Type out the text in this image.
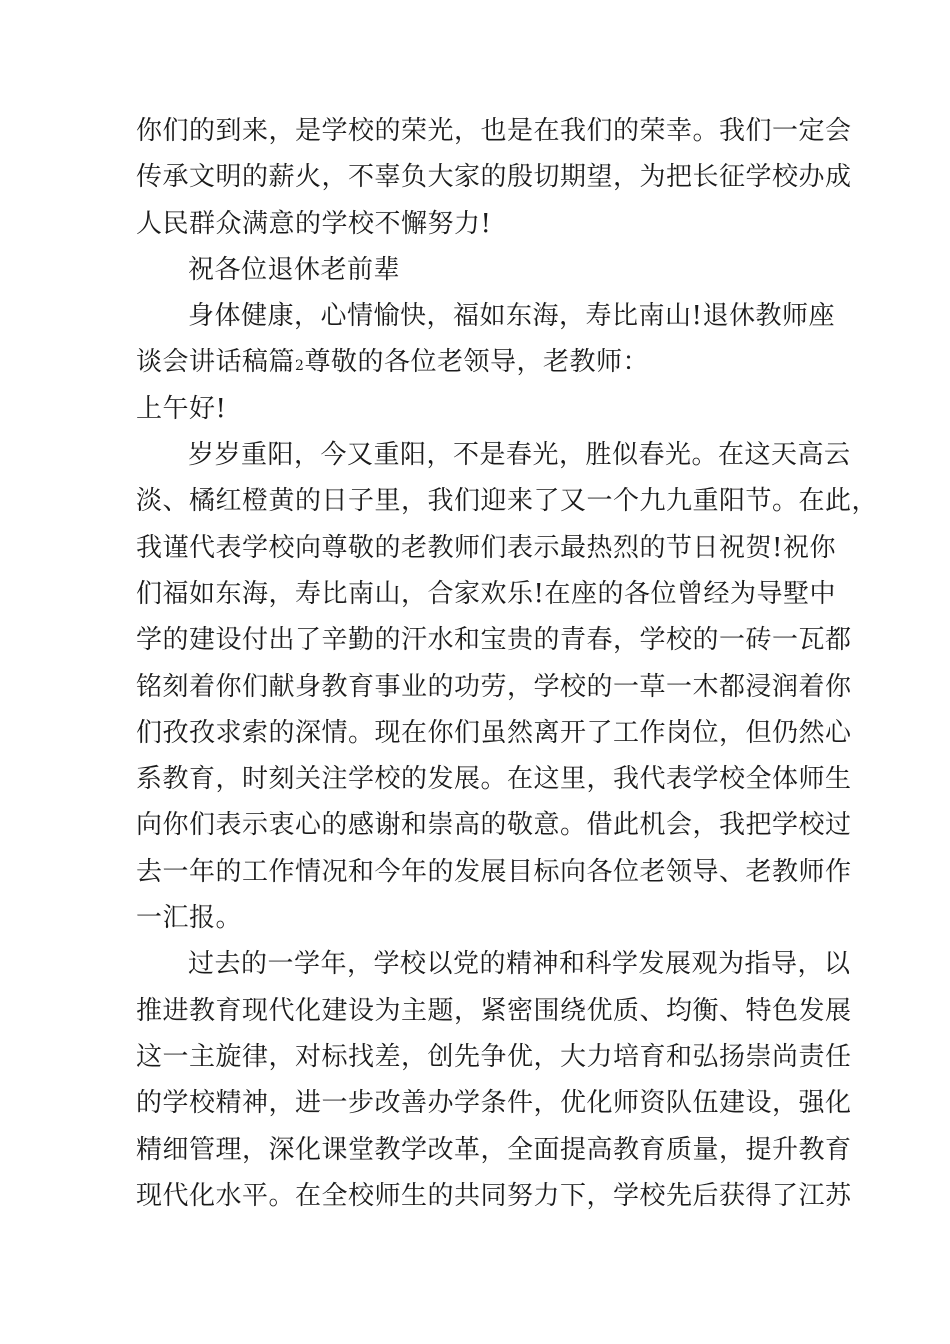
你们的到来，是学校的荣光，也是在我们的荣幸。我们一定会
传承文明的薪火，不辜负大家的殷切期望，为把长征学校办成
人民群众满意的学校不懈努力!
祝各位退休老前辈
身体健康，心情愉快，福如东海，寿比南山!退休教师座
谈会讲话稿篇2尊敬的各位老领导，老教师：
上午好!
岁岁重阳，今又重阳，不是春光，胜似春光。在这天高云
淡、橘红橙黄的日子里，我们迎来了又一个九九重阳节。在此，
我谨代表学校向尊敬的老教师们表示最热烈的节日祝贺!祝你
们福如东海，寿比南山，合家欢乐!在座的各位曾经为导墅中
学的建设付出了辛勤的汗水和宝贵的青春，学校的一砖一瓦都
铭刻着你们献身教育事业的功劳，学校的一草一木都浸润着你
们孜孜求索的深情。现在你们虽然离开了工作岗位，但仍然心
系教育，时刻关注学校的发展。在这里，我代表学校全体师生
向你们表示衷心的感谢和崇高的敬意。借此机会，我把学校过
去一年的工作情况和今年的发展目标向各位老领导、老教师作
一汇报。
过去的一学年，学校以党的精神和科学发展观为指导，以
推进教育现代化建设为主题，紧密围绕优质、均衡、特色发展
这一主旋律，对标找差，创先争优，大力培育和弘扬崇尚责任
的学校精神，进一步改善办学条件，优化师资队伍建设，强化
精细管理，深化课堂教学改革，全面提高教育质量，提升教育
现代化水平。在全校师生的共同努力下，学校先后获得了江苏
